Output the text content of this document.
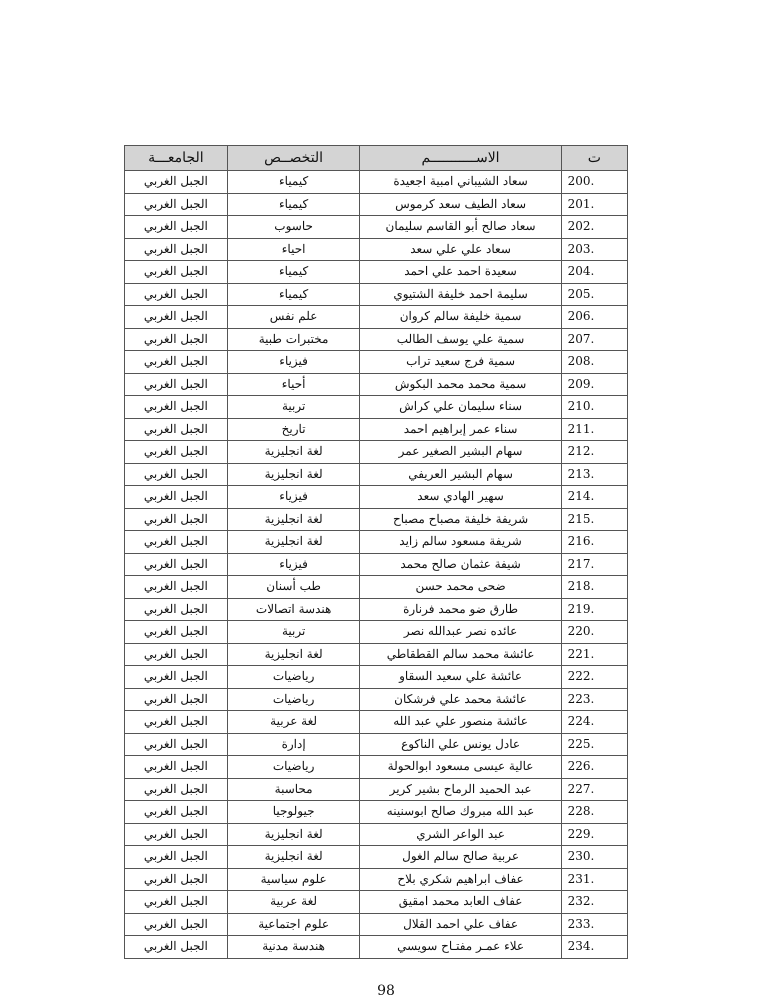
ت	الاســـــــــــم	التخصــص	الجامعـــة
200.	سعاد الشيباني امبية اجعيدة	كيمياء	الجبل الغربي
201.	سعاد الطيف سعد كرموس	كيمياء	الجبل الغربي
202.	سعاد صالح أبو القاسم سليمان	حاسوب	الجبل الغربي
203.	سعاد علي علي سعد	احياء	الجبل الغربي
204.	سعيدة احمد علي احمد	كيمياء	الجبل الغربي
205.	سليمة احمد خليفة الشتيوي	كيمياء	الجبل الغربي
206.	سمية خليفة سالم كروان	علم نفس	الجبل الغربي
207.	سمية علي يوسف الطالب	مختبرات طبية	الجبل الغربي
208.	سمية فرج سعيد تراب	فيزياء	الجبل الغربي
209.	سمية محمد محمد البكوش	أحياء	الجبل الغربي
210.	سناء سليمان علي كراش	تربية	الجبل الغربي
211.	سناء عمر إبراهيم احمد	تاريخ	الجبل الغربي
212.	سهام البشير الصغير عمر	لغة انجليزية	الجبل الغربي
213.	سهام البشير العريفي	لغة انجليزية	الجبل الغربي
214.	سهير الهادي سعد	فيزياء	الجبل الغربي
215.	شريفة خليفة مصباح مصباح	لغة انجليزية	الجبل الغربي
216.	شريفة مسعود سالم زايد	لغة انجليزية	الجبل الغربي
217.	شيفة عثمان صالح محمد	فيزياء	الجبل الغربي
218.	ضحى محمد حسن	طب أسنان	الجبل الغربي
219.	طارق ضو محمد فرنارة	هندسة اتصالات	الجبل الغربي
220.	عائده نصر عبدالله نصر	تربية	الجبل الغربي
221.	عائشة محمد سالم القطقاطي	لغة انجليزية	الجبل الغربي
222.	عائشة علي سعيد السقاو	رياضيات	الجبل الغربي
223.	عائشة محمد علي فرشكان	رياضيات	الجبل الغربي
224.	عائشة منصور علي عبد الله	لغة عربية	الجبل الغربي
225.	عادل يونس علي الناكوع	إدارة	الجبل الغربي
226.	عالية عيسى مسعود ابوالحولة	رياضيات	الجبل الغربي
227.	عبد الحميد الرماح بشير كرير	محاسبة	الجبل الغربي
228.	عبد الله مبروك صالح ابوسنينه	جيولوجيا	الجبل الغربي
229.	عبد الواعر الشري	لغة انجليزية	الجبل الغربي
230.	عربية صالح سالم الغول	لغة انجليزية	الجبل الغربي
231.	عفاف ابراهيم شكري بلاح	علوم سياسية	الجبل الغربي
232.	عفاف العابد محمد امقيق	لغة عربية	الجبل الغربي
233.	عفاف علي احمد القلال	علوم اجتماعية	الجبل الغربي
234.	علاء عمـر مفتـاح سويسي	هندسة مدنية	الجبل الغربي
98
